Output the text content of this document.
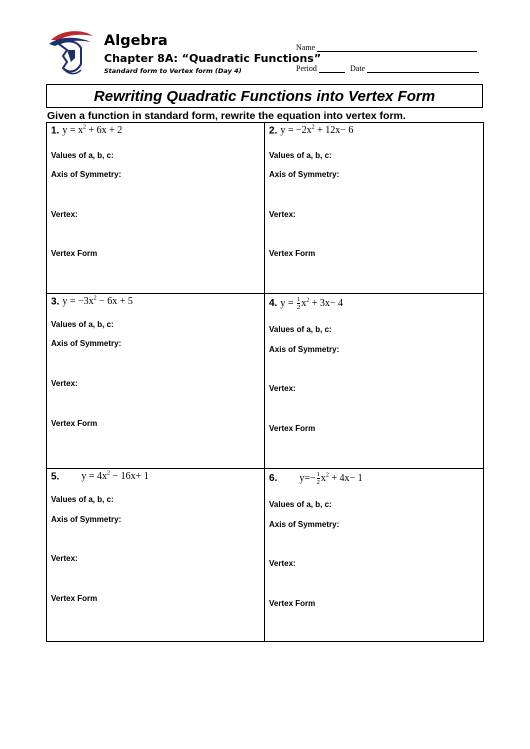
Algebra
Chapter 8A: “Quadratic Functions”
Standard form to Vertex form (Day 4)
Name
Period	Date
Rewriting Quadratic Functions into Vertex Form
Given a function in standard form, rewrite the equation into vertex form.
1. $y = x^2 + 6x + 2$
Values of a, b, c:
Axis of Symmetry:
Vertex:
Vertex Form
2. $y = -2x^2 + 12x- 6$
Values of a, b, c:
Axis of Symmetry:
Vertex:
Vertex Form
3. $y = -3x^2 - 6x + 5$
Values of a, b, c:
Axis of Symmetry:
Vertex:
Vertex Form
4. $y = \frac{1}{2} x^2 + 3x- 4$
Values of a, b, c:
Axis of Symmetry:
Vertex:
Vertex Form
5. $y = 4x^2 - 16x+ 1$
Values of a, b, c:
Axis of Symmetry:
Vertex:
Vertex Form
6. $y=- \frac{1}{2} x^2 + 4x- 1$
Values of a, b, c:
Axis of Symmetry:
Vertex:
Vertex Form
